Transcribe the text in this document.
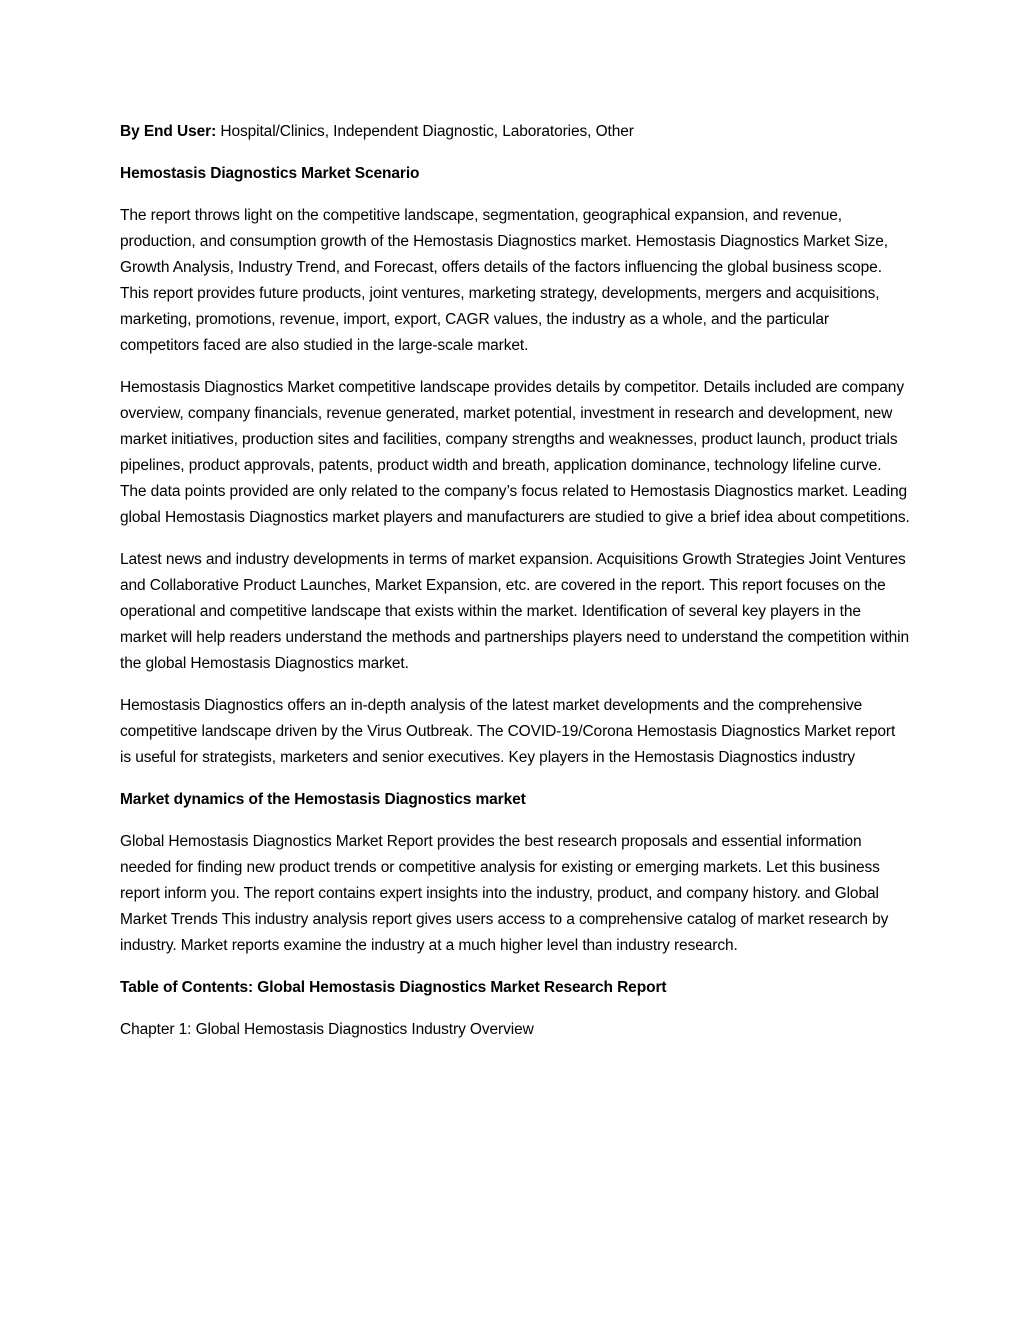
By End User: Hospital/Clinics, Independent Diagnostic, Laboratories, Other

Hemostasis Diagnostics Market Scenario

The report throws light on the competitive landscape, segmentation, geographical expansion, and revenue, production, and consumption growth of the Hemostasis Diagnostics market. Hemostasis Diagnostics Market Size, Growth Analysis, Industry Trend, and Forecast, offers details of the factors influencing the global business scope. This report provides future products, joint ventures, marketing strategy, developments, mergers and acquisitions, marketing, promotions, revenue, import, export, CAGR values, the industry as a whole, and the particular competitors faced are also studied in the large-scale market.

Hemostasis Diagnostics Market competitive landscape provides details by competitor. Details included are company overview, company financials, revenue generated, market potential, investment in research and development, new market initiatives, production sites and facilities, company strengths and weaknesses, product launch, product trials pipelines, product approvals, patents, product width and breath, application dominance, technology lifeline curve. The data points provided are only related to the company’s focus related to Hemostasis Diagnostics market. Leading global Hemostasis Diagnostics market players and manufacturers are studied to give a brief idea about competitions.

Latest news and industry developments in terms of market expansion. Acquisitions Growth Strategies Joint Ventures and Collaborative Product Launches, Market Expansion, etc. are covered in the report. This report focuses on the operational and competitive landscape that exists within the market. Identification of several key players in the market will help readers understand the methods and partnerships players need to understand the competition within the global Hemostasis Diagnostics market.

Hemostasis Diagnostics offers an in-depth analysis of the latest market developments and the comprehensive competitive landscape driven by the Virus Outbreak. The COVID-19/Corona Hemostasis Diagnostics Market report is useful for strategists, marketers and senior executives. Key players in the Hemostasis Diagnostics industry

Market dynamics of the Hemostasis Diagnostics market

Global Hemostasis Diagnostics Market Report provides the best research proposals and essential information needed for finding new product trends or competitive analysis for existing or emerging markets. Let this business report inform you. The report contains expert insights into the industry, product, and company history. and Global Market Trends This industry analysis report gives users access to a comprehensive catalog of market research by industry. Market reports examine the industry at a much higher level than industry research.

Table of Contents: Global Hemostasis Diagnostics Market Research Report

Chapter 1: Global Hemostasis Diagnostics Industry Overview
